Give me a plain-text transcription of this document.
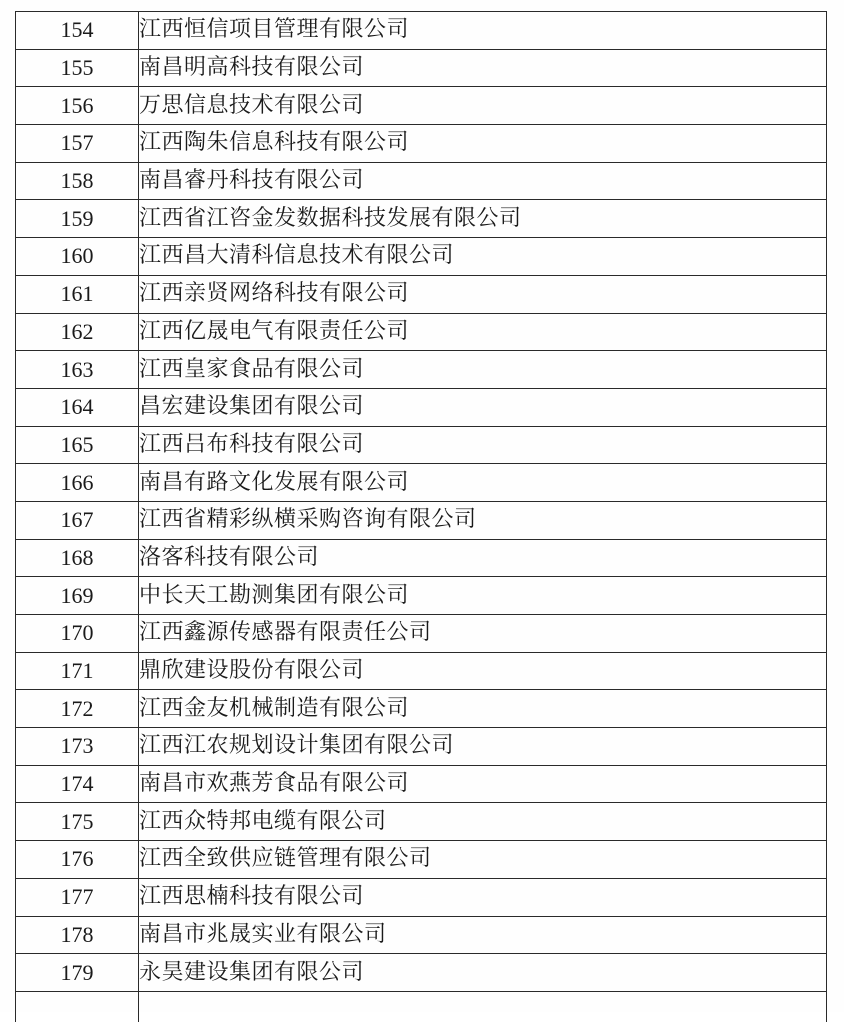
154	江西恒信项目管理有限公司
155	南昌明高科技有限公司
156	万思信息技术有限公司
157	江西陶朱信息科技有限公司
158	南昌睿丹科技有限公司
159	江西省江咨金发数据科技发展有限公司
160	江西昌大清科信息技术有限公司
161	江西亲贤网络科技有限公司
162	江西亿晟电气有限责任公司
163	江西皇家食品有限公司
164	昌宏建设集团有限公司
165	江西吕布科技有限公司
166	南昌有路文化发展有限公司
167	江西省精彩纵横采购咨询有限公司
168	洛客科技有限公司
169	中长天工勘测集团有限公司
170	江西鑫源传感器有限责任公司
171	鼎欣建设股份有限公司
172	江西金友机械制造有限公司
173	江西江农规划设计集团有限公司
174	南昌市欢燕芳食品有限公司
175	江西众特邦电缆有限公司
176	江西全致供应链管理有限公司
177	江西思楠科技有限公司
178	南昌市兆晟实业有限公司
179	永昊建设集团有限公司
